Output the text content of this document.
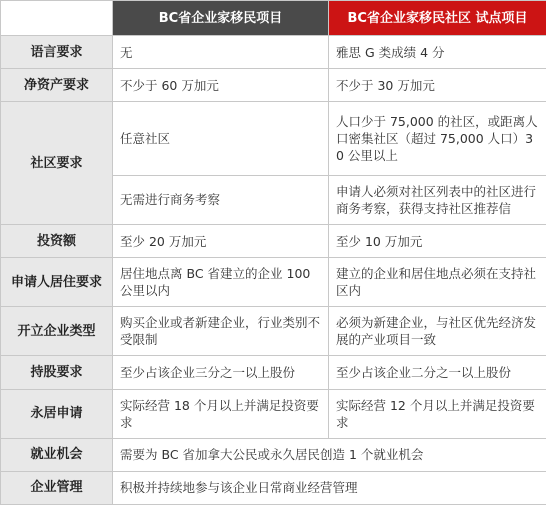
	BC省企业家移民项目	BC省企业家移民社区 试点项目
语言要求	无	雅思 G 类成绩 4 分
净资产要求	不少于 60 万加元	不少于 30 万加元
社区要求	任意社区	人口少于 75,000 的社区，或距离人口密集社区（超过 75,000 人口）30 公里以上
	无需进行商务考察	申请人必须对社区列表中的社区进行商务考察，获得支持社区推荐信
投资额	至少 20 万加元	至少 10 万加元
申请人居住要求	居住地点离 BC 省建立的企业 100 公里以内	建立的企业和居住地点必须在支持社区内
开立企业类型	购买企业或者新建企业，行业类别不受限制	必须为新建企业，与社区优先经济发展的产业项目一致
持股要求	至少占该企业三分之一以上股份	至少占该企业二分之一以上股份
永居申请	实际经营 18 个月以上并满足投资要求	实际经营 12 个月以上并满足投资要求
就业机会	需要为 BC 省加拿大公民或永久居民创造 1 个就业机会	
企业管理	积极并持续地参与该企业日常商业经营管理	
